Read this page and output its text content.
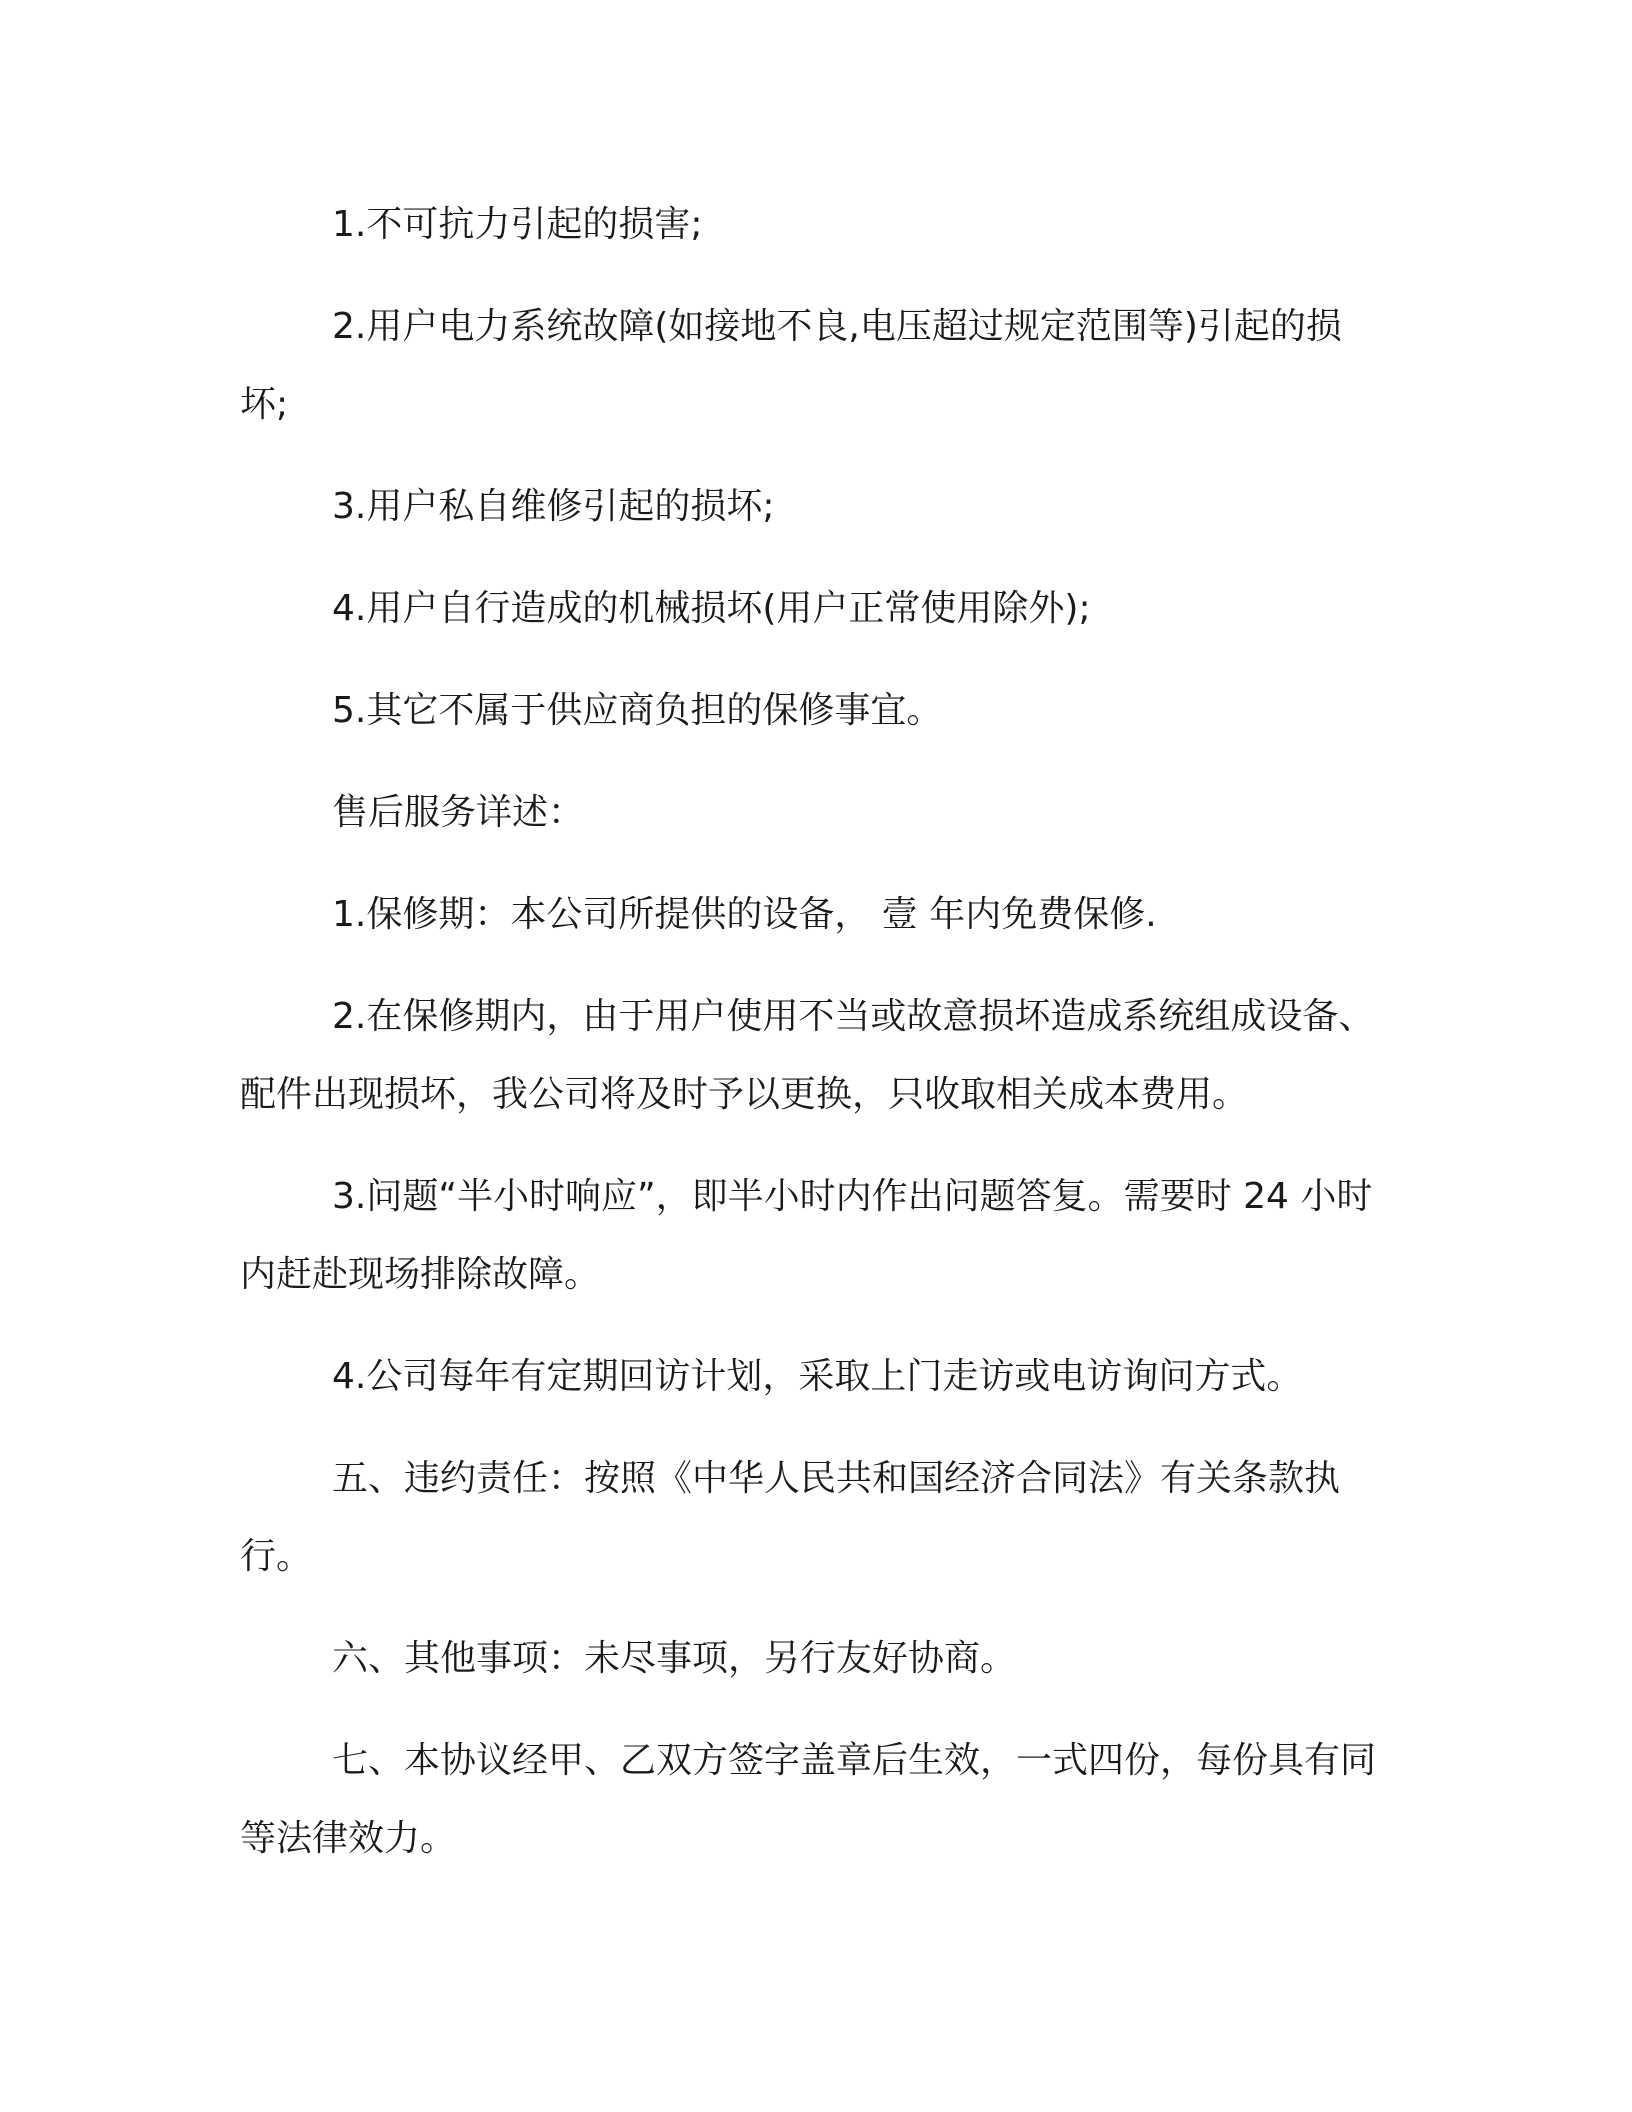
1.不可抗力引起的损害;

2.用户电力系统故障(如接地不良,电压超过规定范围等)引起的损坏;

3.用户私自维修引起的损坏;

4.用户自行造成的机械损坏(用户正常使用除外);

5.其它不属于供应商负担的保修事宜。

售后服务详述：

1.保修期：本公司所提供的设备， 壹 年内免费保修.

2.在保修期内，由于用户使用不当或故意损坏造成系统组成设备、配件出现损坏，我公司将及时予以更换，只收取相关成本费用。

3.问题“半小时响应”，即半小时内作出问题答复。需要时 24 小时内赶赴现场排除故障。

4.公司每年有定期回访计划，采取上门走访或电访询问方式。

五、违约责任：按照《中华人民共和国经济合同法》有关条款执行。

六、其他事项：未尽事项，另行友好协商。

七、本协议经甲、乙双方签字盖章后生效，一式四份，每份具有同等法律效力。
